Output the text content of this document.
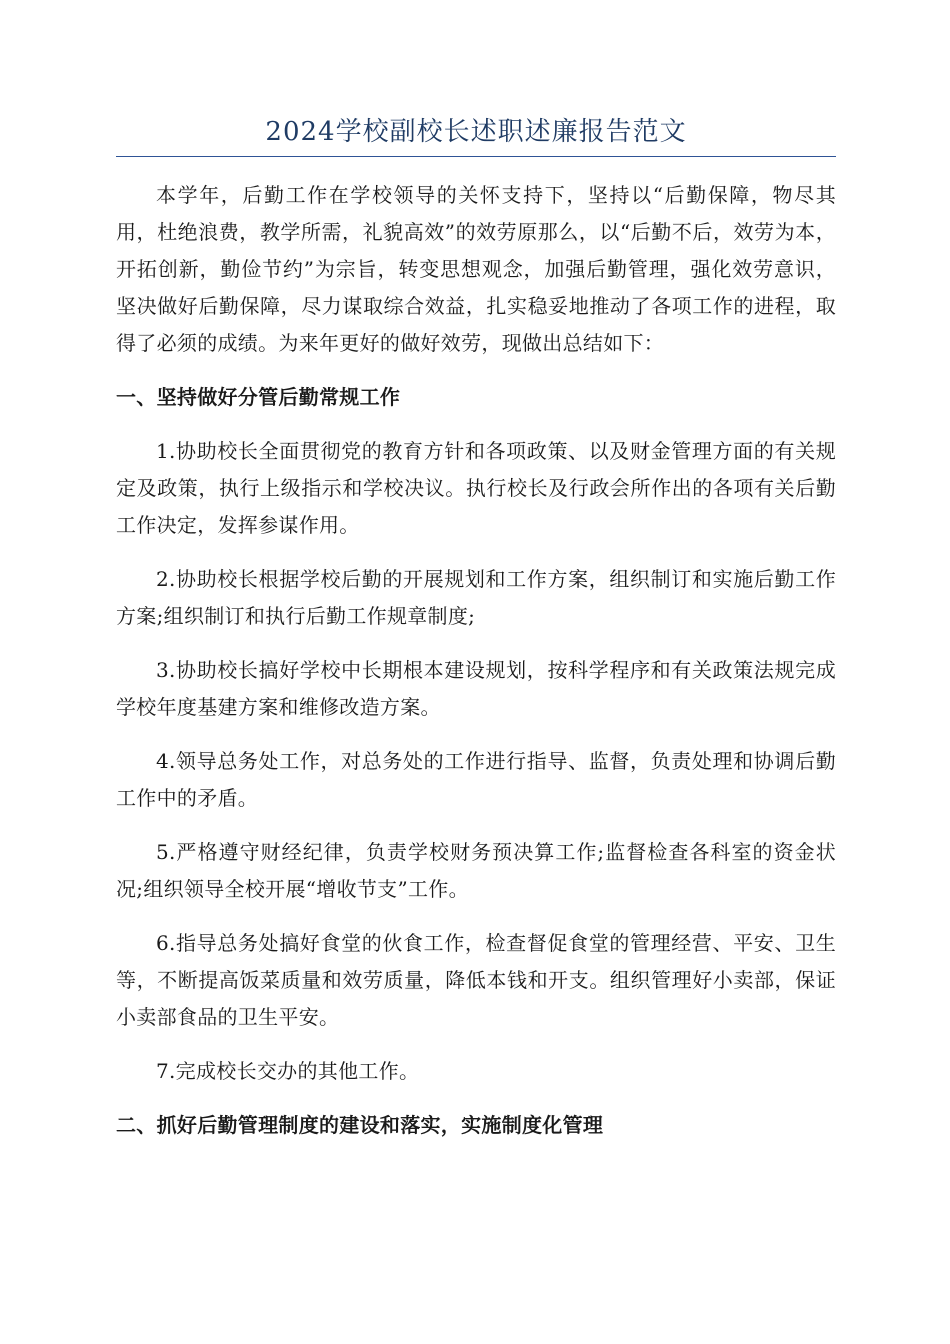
2024学校副校长述职述廉报告范文

本学年，后勤工作在学校领导的关怀支持下，坚持以“后勤保障，物尽其用，杜绝浪费，教学所需，礼貌高效”的效劳原那么，以“后勤不后，效劳为本，开拓创新，勤俭节约”为宗旨，转变思想观念，加强后勤管理，强化效劳意识，坚决做好后勤保障，尽力谋取综合效益，扎实稳妥地推动了各项工作的进程，取得了必须的成绩。为来年更好的做好效劳，现做出总结如下：

一、坚持做好分管后勤常规工作

1.协助校长全面贯彻党的教育方针和各项政策、以及财金管理方面的有关规定及政策，执行上级指示和学校决议。执行校长及行政会所作出的各项有关后勤工作决定，发挥参谋作用。

2.协助校长根据学校后勤的开展规划和工作方案，组织制订和实施后勤工作方案;组织制订和执行后勤工作规章制度;

3.协助校长搞好学校中长期根本建设规划，按科学程序和有关政策法规完成学校年度基建方案和维修改造方案。

4.领导总务处工作，对总务处的工作进行指导、监督，负责处理和协调后勤工作中的矛盾。

5.严格遵守财经纪律，负责学校财务预决算工作;监督检查各科室的资金状况;组织领导全校开展“增收节支”工作。

6.指导总务处搞好食堂的伙食工作，检查督促食堂的管理经营、平安、卫生等，不断提高饭菜质量和效劳质量，降低本钱和开支。组织管理好小卖部，保证小卖部食品的卫生平安。

7.完成校长交办的其他工作。

二、抓好后勤管理制度的建设和落实，实施制度化管理
